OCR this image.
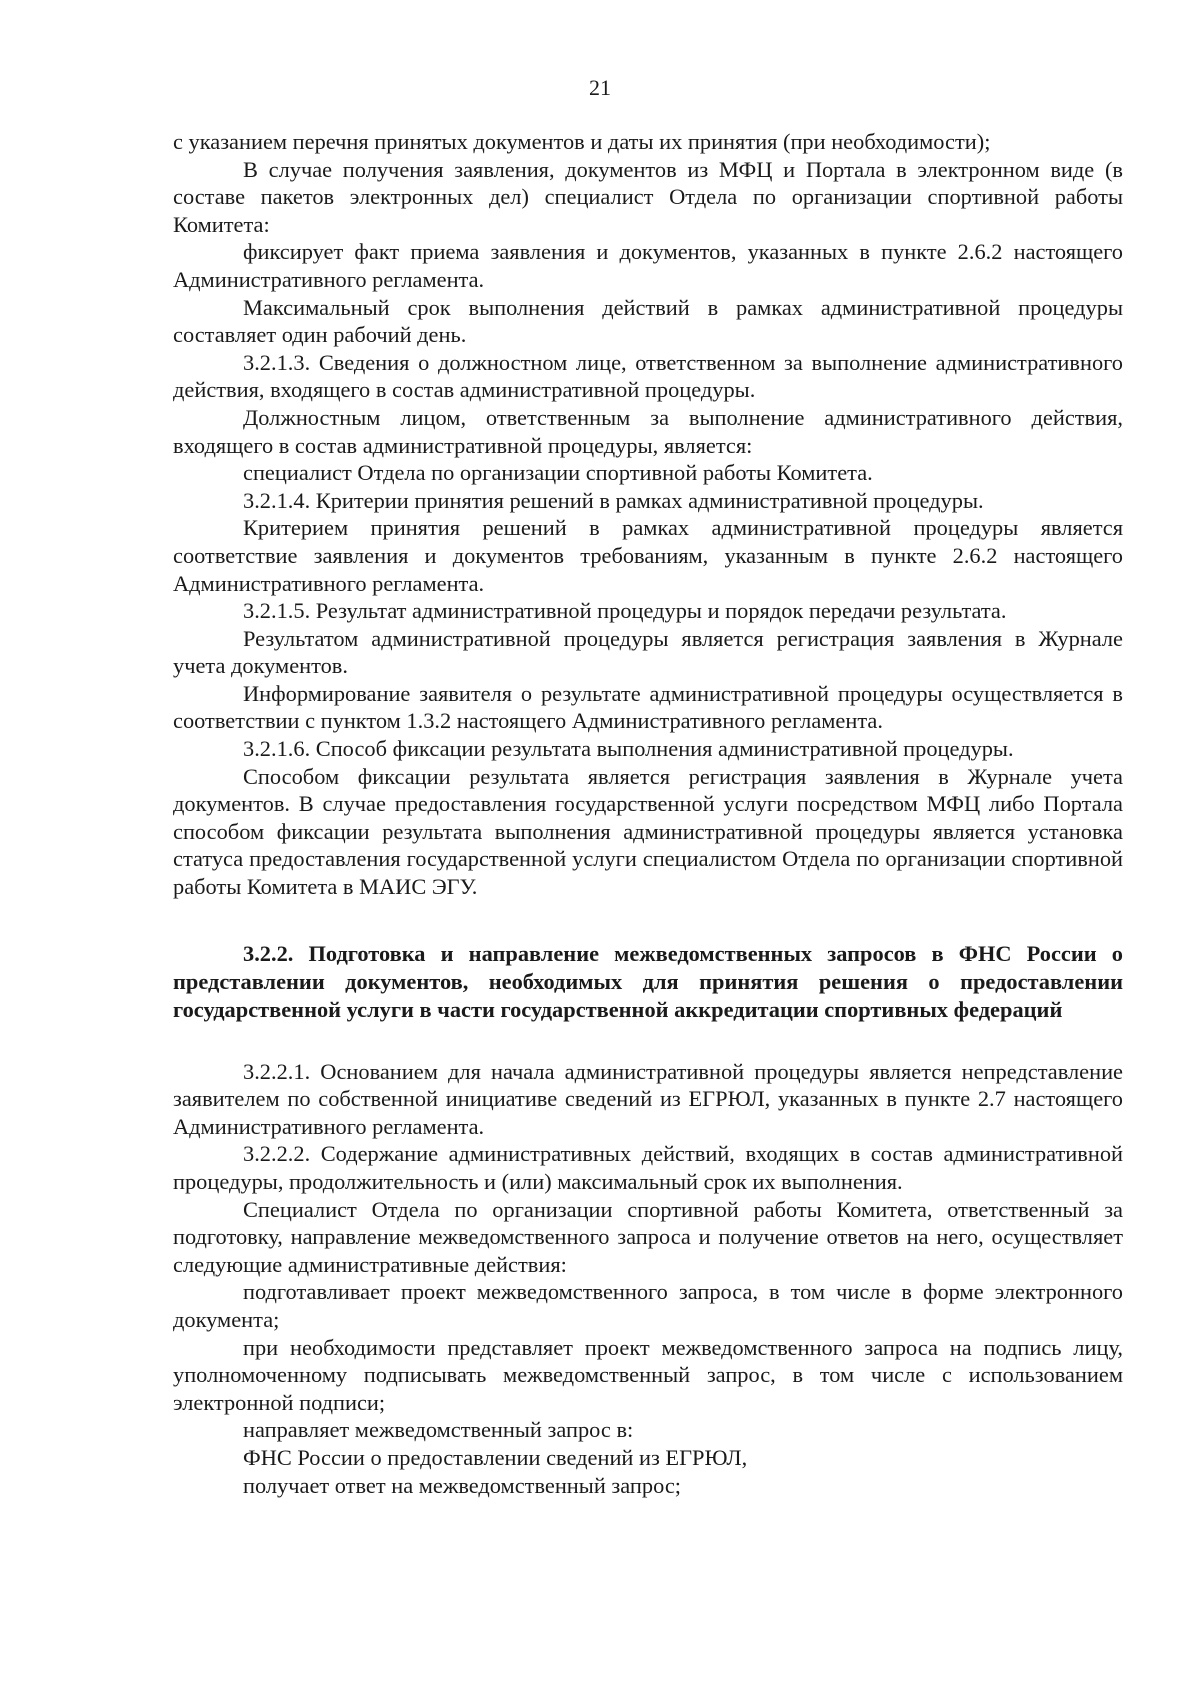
21

с указанием перечня принятых документов и даты их принятия (при необходимости);

В случае получения заявления, документов из МФЦ и Портала в электронном виде (в составе пакетов электронных дел) специалист Отдела по организации спортивной работы Комитета:

фиксирует факт приема заявления и документов, указанных в пункте 2.6.2 настоящего Административного регламента.

Максимальный срок выполнения действий в рамках административной процедуры составляет один рабочий день.

3.2.1.3. Сведения о должностном лице, ответственном за выполнение административного действия, входящего в состав административной процедуры.

Должностным лицом, ответственным за выполнение административного действия, входящего в состав административной процедуры, является:

специалист Отдела по организации спортивной работы Комитета.

3.2.1.4. Критерии принятия решений в рамках административной процедуры.

Критерием принятия решений в рамках административной процедуры является соответствие заявления и документов требованиям, указанным в пункте 2.6.2 настоящего Административного регламента.

3.2.1.5. Результат административной процедуры и порядок передачи результата.

Результатом административной процедуры является регистрация заявления в Журнале учета документов.

Информирование заявителя о результате административной процедуры осуществляется в соответствии с пунктом 1.3.2 настоящего Административного регламента.

3.2.1.6. Способ фиксации результата выполнения административной процедуры.

Способом фиксации результата является регистрация заявления в Журнале учета документов. В случае предоставления государственной услуги посредством МФЦ либо Портала способом фиксации результата выполнения административной процедуры является установка статуса предоставления государственной услуги специалистом Отдела по организации спортивной работы Комитета в МАИС ЭГУ.

3.2.2. Подготовка и направление межведомственных запросов в ФНС России о представлении документов, необходимых для принятия решения о предоставлении государственной услуги в части государственной аккредитации спортивных федераций

3.2.2.1. Основанием для начала административной процедуры является непредставление заявителем по собственной инициативе сведений из ЕГРЮЛ, указанных в пункте 2.7 настоящего Административного регламента.

3.2.2.2. Содержание административных действий, входящих в состав административной процедуры, продолжительность и (или) максимальный срок их выполнения.

Специалист Отдела по организации спортивной работы Комитета, ответственный за подготовку, направление межведомственного запроса и получение ответов на него, осуществляет следующие административные действия:

подготавливает проект межведомственного запроса, в том числе в форме электронного документа;

при необходимости представляет проект межведомственного запроса на подпись лицу, уполномоченному подписывать межведомственный запрос, в том числе с использованием электронной подписи;

направляет межведомственный запрос в:

ФНС России о предоставлении сведений из ЕГРЮЛ,

получает ответ на межведомственный запрос;
